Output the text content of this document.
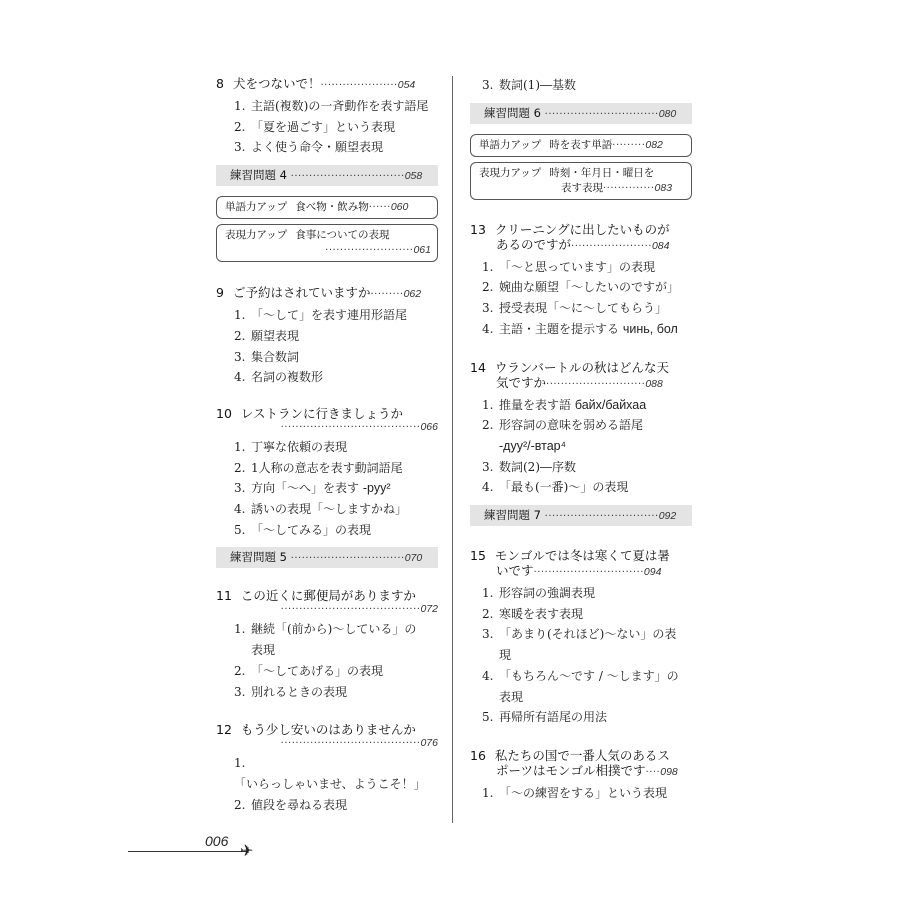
8 犬をつないで！·····················054
1. 主語(複数)の一斉動作を表す語尾
2. 「夏を過ごす」という表現
3. よく使う命令・願望表現
練習問題 4 ·······························058
単語力アップ 食べ物・飲み物······060
表現力アップ 食事についての表現
························061
9 ご予約はされていますか·········062
1. 「～して」を表す連用形語尾
2. 願望表現
3. 集合数詞
4. 名詞の複数形
10 レストランに行きましょうか
······································066
1. 丁寧な依頼の表現
2. 1人称の意志を表す動詞語尾
3. 方向「～へ」を表す -руу²
4. 誘いの表現「～しますかね」
5. 「～してみる」の表現
練習問題 5 ·······························070
11 この近くに郵便局がありますか
······································072
1. 継続「(前から)～している」の
表現
2. 「～してあげる」の表現
3. 別れるときの表現
12 もう少し安いのはありませんか
······································076
1.「いらっしゃいませ、ようこそ！」
2. 値段を尋ねる表現
3. 数詞(1)―基数
練習問題 6 ·······························080
単語力アップ 時を表す単語·········082
表現力アップ 時刻・年月日・曜日を
表す表現··············083
13 クリーニングに出したいものが
あるのですが······················084
1. 「～と思っています」の表現
2. 婉曲な願望「～したいのですが」
3. 授受表現「～に～してもらう」
4. 主語・主題を提示する чинь, бол
14 ウランバートルの秋はどんな天
気ですか···························088
1. 推量を表す語 байх/байхаа
2. 形容詞の意味を弱める語尾
-дуу²/-втар⁴
3. 数詞(2)―序数
4. 「最も(一番)～」の表現
練習問題 7 ·······························092
15 モンゴルでは冬は寒くて夏は暑
いです······························094
1. 形容詞の強調表現
2. 寒暖を表す表現
3. 「あまり(それほど)～ない」の表
現
4. 「もちろん～です / ～します」の
表現
5. 再帰所有語尾の用法
16 私たちの国で一番人気のあるス
ポーツはモンゴル相撲です····098
1. 「～の練習をする」という表現
006 ✈
